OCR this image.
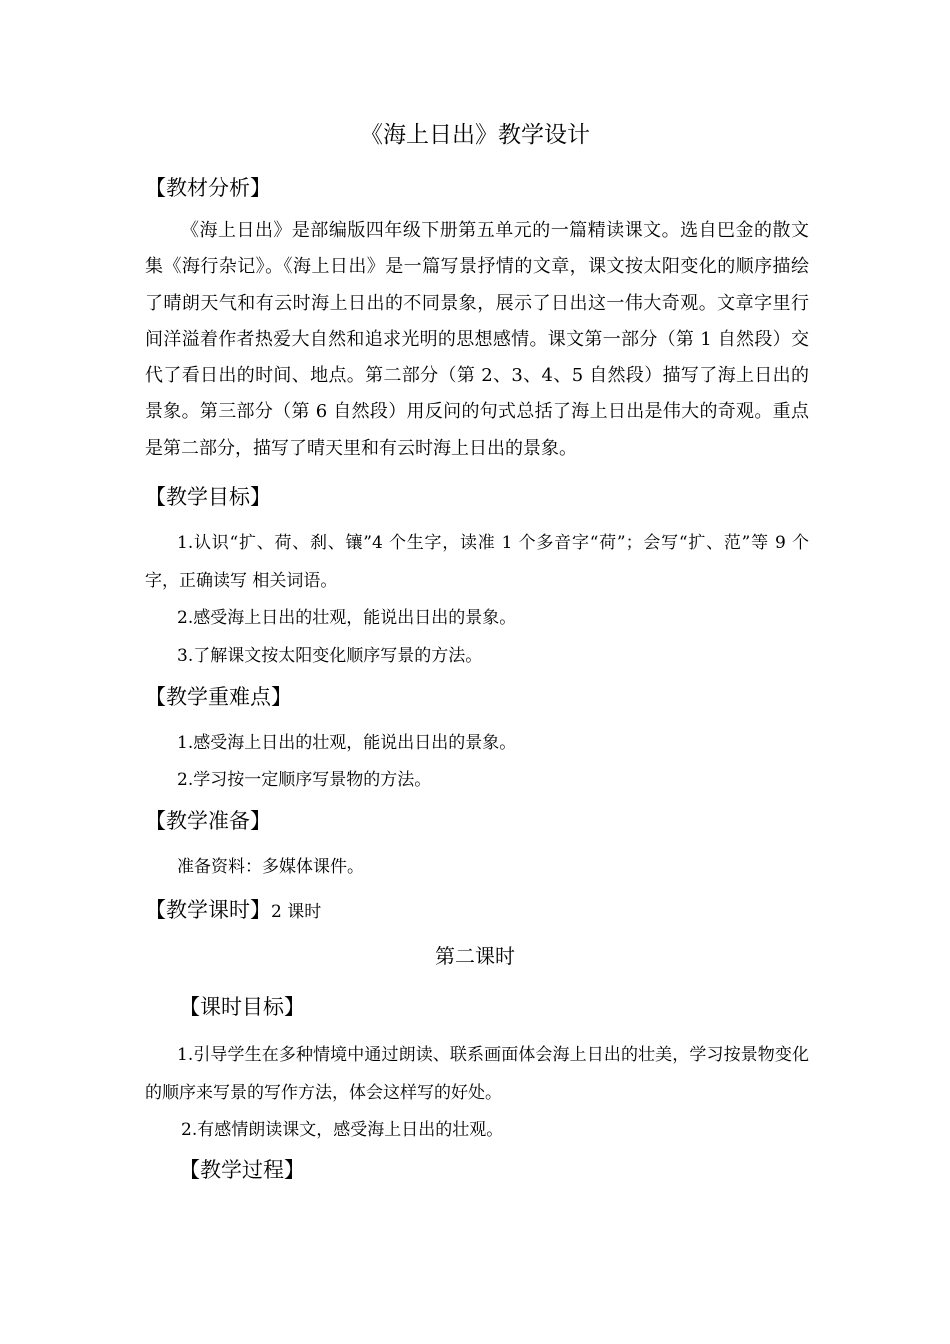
《海上日出》教学设计
【教材分析】

《海上日出》是部编版四年级下册第五单元的一篇精读课文。选自巴金的散文集《海行杂记》。《海上日出》是一篇写景抒情的文章，课文按太阳变化的顺序描绘了晴朗天气和有云时海上日出的不同景象，展示了日出这一伟大奇观。文章字里行间洋溢着作者热爱大自然和追求光明的思想感情。课文第一部分（第 1 自然段）交代了看日出的时间、地点。第二部分（第 2、3、4、5 自然段）描写了海上日出的景象。第三部分（第 6 自然段）用反问的句式总括了海上日出是伟大的奇观。重点是第二部分，描写了晴天里和有云时海上日出的景象。

【教学目标】

1.认识“扩、荷、刹、镶”4 个生字，读准 1 个多音字“荷”；会写“扩、范”等 9 个字，正确读写 相关词语。

2.感受海上日出的壮观，能说出日出的景象。
3.了解课文按太阳变化顺序写景的方法。
【教学重难点】
1.感受海上日出的壮观，能说出日出的景象。
2.学习按一定顺序写景物的方法。
【教学准备】
准备资料：多媒体课件。
【教学课时】2 课时
第二课时
【课时目标】

1.引导学生在多种情境中通过朗读、联系画面体会海上日出的壮美，学习按景物变化的顺序来写景的写作方法，体会这样写的好处。

2.有感情朗读课文，感受海上日出的壮观。
【教学过程】
